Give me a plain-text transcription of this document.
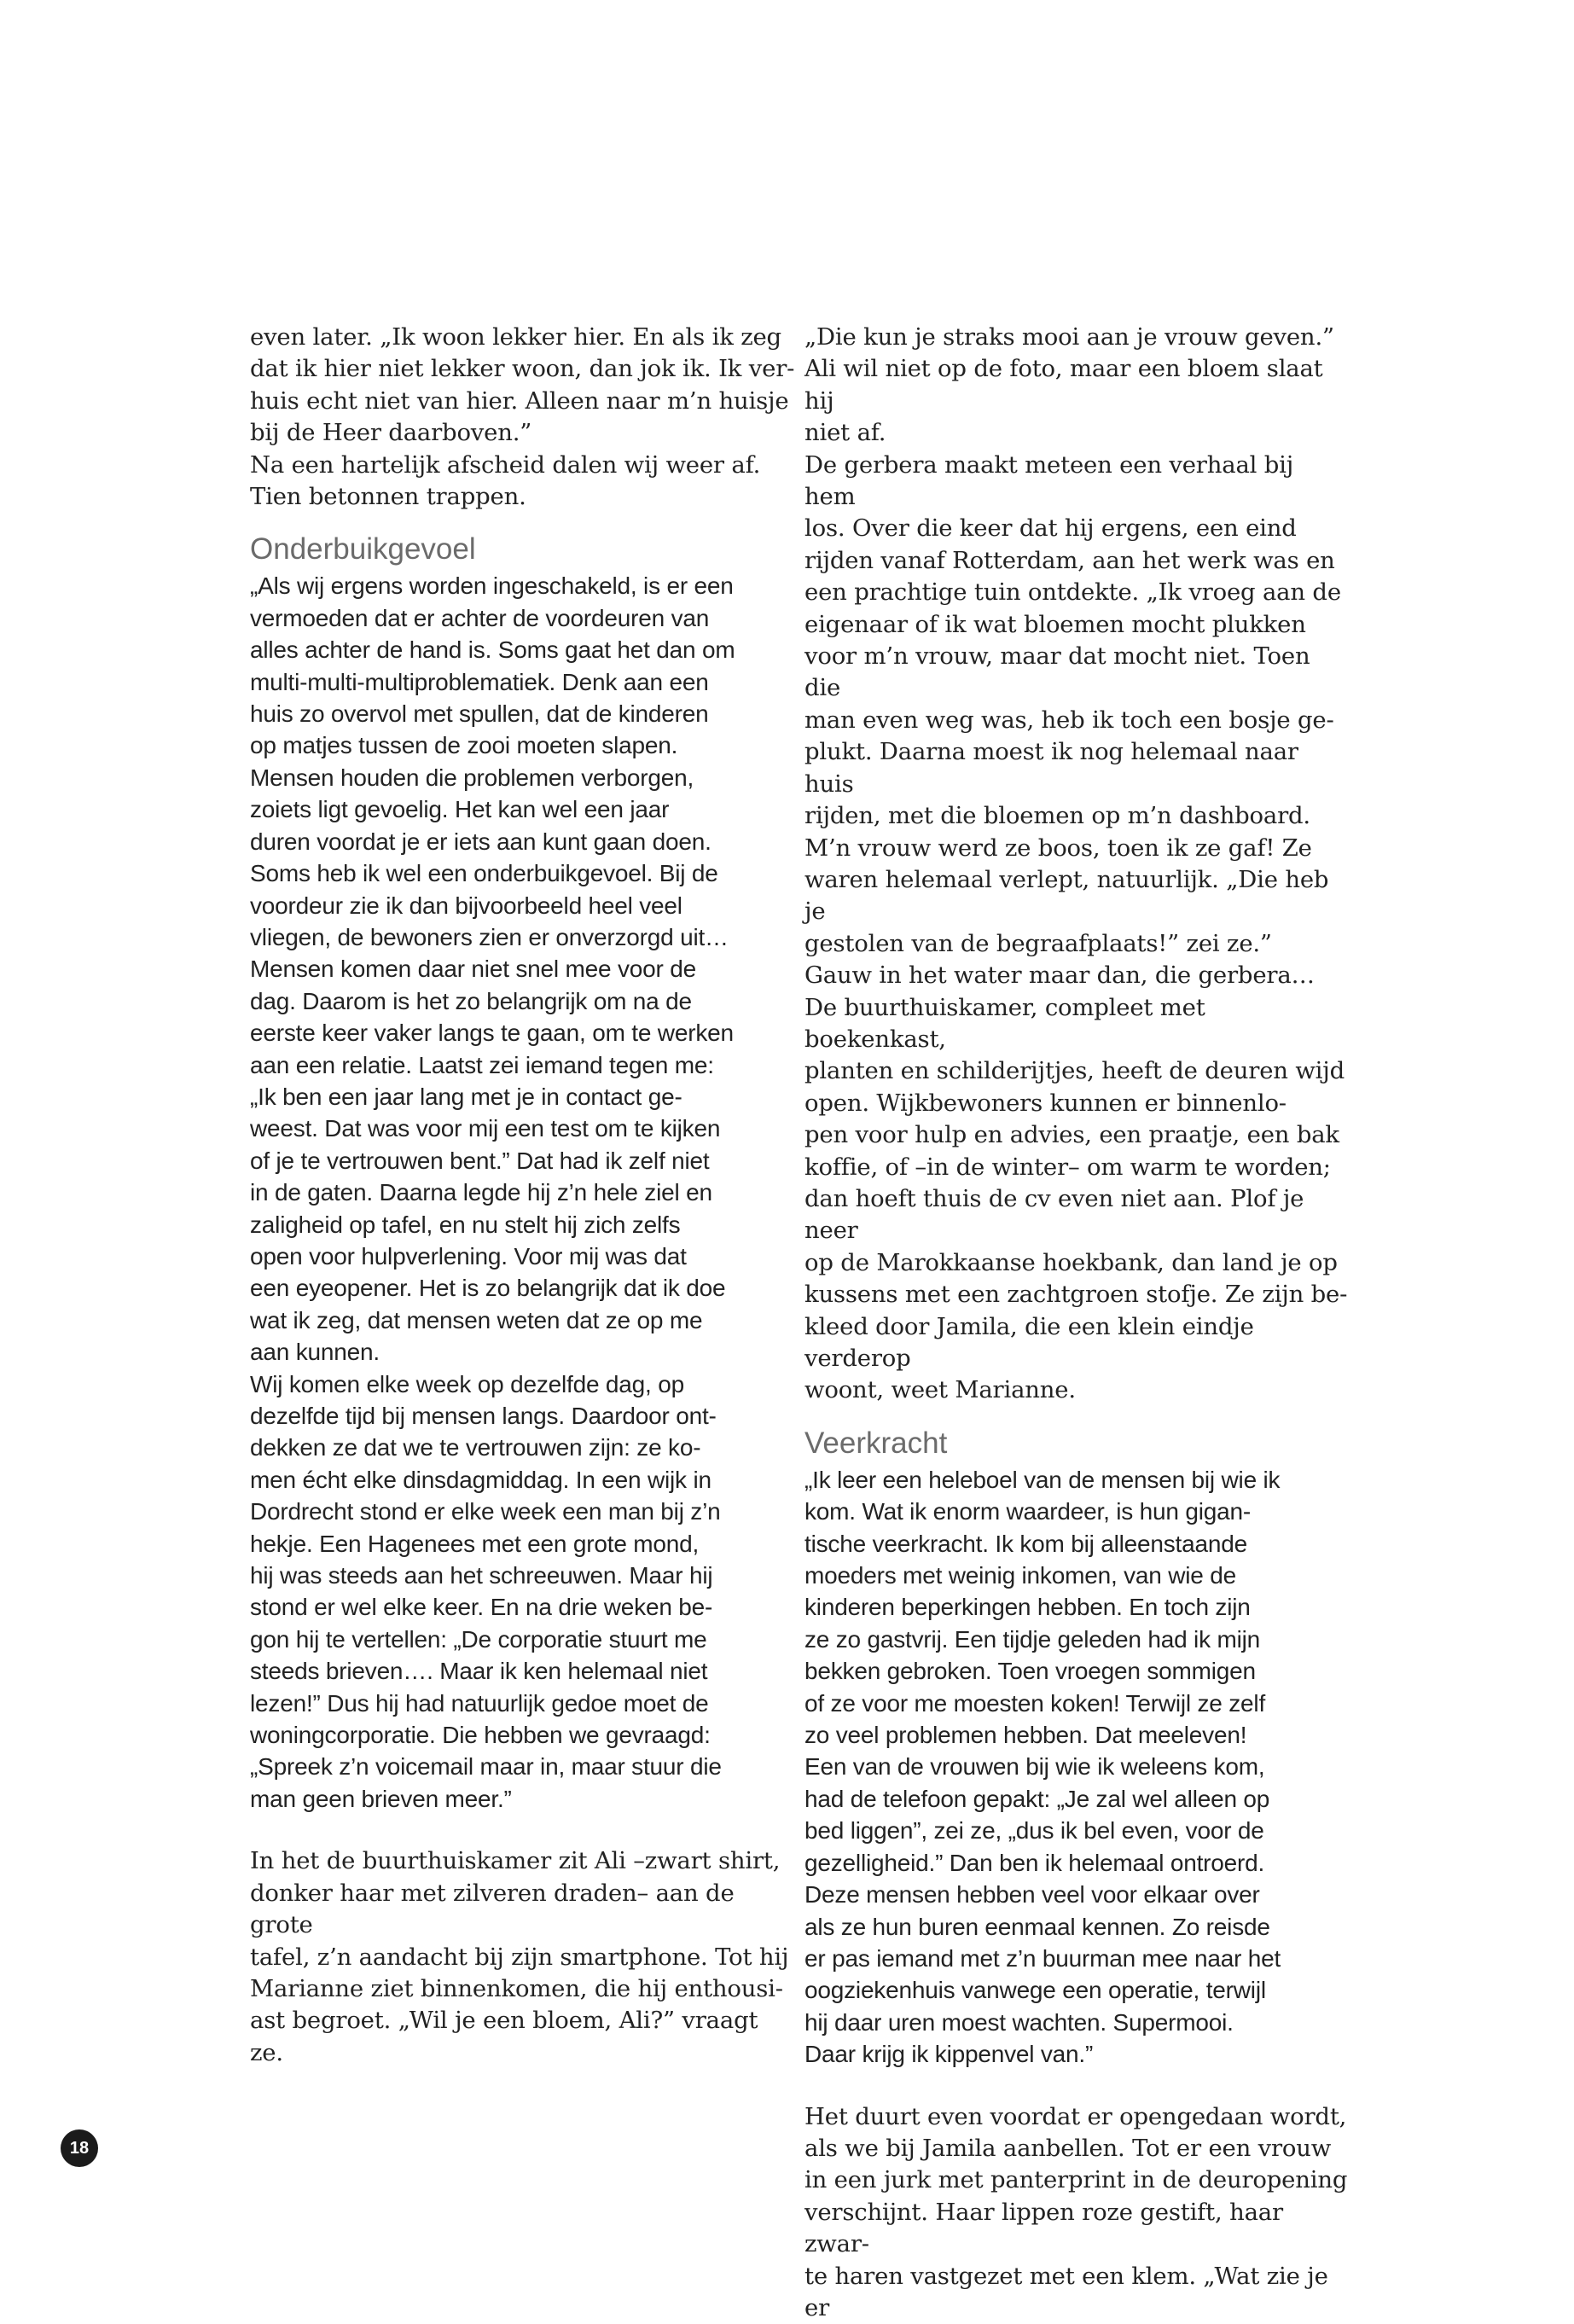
even later. „Ik woon lekker hier. En als ik zeg
dat ik hier niet lekker woon, dan jok ik. Ik ver-
huis echt niet van hier. Alleen naar m’n huisje
bij de Heer daarboven.”
Na een hartelijk afscheid dalen wij weer af.
Tien betonnen trappen.

Onderbuikgevoel

„Als wij ergens worden ingeschakeld, is er een
vermoeden dat er achter de voordeuren van
alles achter de hand is. Soms gaat het dan om
multi-multi-multiproblematiek. Denk aan een
huis zo overvol met spullen, dat de kinderen
op matjes tussen de zooi moeten slapen.
Mensen houden die problemen verborgen,
zoiets ligt gevoelig. Het kan wel een jaar
duren voordat je er iets aan kunt gaan doen.
Soms heb ik wel een onderbuikgevoel. Bij de
voordeur zie ik dan bijvoorbeeld heel veel
vliegen, de bewoners zien er onverzorgd uit…
Mensen komen daar niet snel mee voor de
dag. Daarom is het zo belangrijk om na de
eerste keer vaker langs te gaan, om te werken
aan een relatie. Laatst zei iemand tegen me:
„Ik ben een jaar lang met je in contact ge-
weest. Dat was voor mij een test om te kijken
of je te vertrouwen bent.” Dat had ik zelf niet
in de gaten. Daarna legde hij z’n hele ziel en
zaligheid op tafel, en nu stelt hij zich zelfs
open voor hulpverlening. Voor mij was dat
een eyeopener. Het is zo belangrijk dat ik doe
wat ik zeg, dat mensen weten dat ze op me
aan kunnen.
Wij komen elke week op dezelfde dag, op
dezelfde tijd bij mensen langs. Daardoor ont-
dekken ze dat we te vertrouwen zijn: ze ko-
men écht elke dinsdagmiddag. In een wijk in
Dordrecht stond er elke week een man bij z’n
hekje. Een Hagenees met een grote mond,
hij was steeds aan het schreeuwen. Maar hij
stond er wel elke keer. En na drie weken be-
gon hij te vertellen: „De corporatie stuurt me
steeds brieven…. Maar ik ken helemaal niet
lezen!” Dus hij had natuurlijk gedoe moet de
woningcorporatie. Die hebben we gevraagd:
„Spreek z’n voicemail maar in, maar stuur die
man geen brieven meer.”

In het de buurthuiskamer zit Ali –zwart shirt,
donker haar met zilveren draden– aan de grote
tafel, z’n aandacht bij zijn smartphone. Tot hij
Marianne ziet binnenkomen, die hij enthousi-
ast begroet. „Wil je een bloem, Ali?” vraagt ze.

„Die kun je straks mooi aan je vrouw geven.”
Ali wil niet op de foto, maar een bloem slaat hij
niet af.
De gerbera maakt meteen een verhaal bij hem
los. Over die keer dat hij ergens, een eind
rijden vanaf Rotterdam, aan het werk was en
een prachtige tuin ontdekte. „Ik vroeg aan de
eigenaar of ik wat bloemen mocht plukken
voor m’n vrouw, maar dat mocht niet. Toen die
man even weg was, heb ik toch een bosje ge-
plukt. Daarna moest ik nog helemaal naar huis
rijden, met die bloemen op m’n dashboard.
M’n vrouw werd ze boos, toen ik ze gaf! Ze
waren helemaal verlept, natuurlijk. „Die heb je
gestolen van de begraafplaats!” zei ze.”
Gauw in het water maar dan, die gerbera…
De buurthuiskamer, compleet met boekenkast,
planten en schilderijtjes, heeft de deuren wijd
open. Wijkbewoners kunnen er binnenlo-
pen voor hulp en advies, een praatje, een bak
koffie, of –in de winter– om warm te worden;
dan hoeft thuis de cv even niet aan. Plof je neer
op de Marokkaanse hoekbank, dan land je op
kussens met een zachtgroen stofje. Ze zijn be-
kleed door Jamila, die een klein eindje verderop
woont, weet Marianne.

Veerkracht

„Ik leer een heleboel van de mensen bij wie ik
kom. Wat ik enorm waardeer, is hun gigan-
tische veerkracht. Ik kom bij alleenstaande
moeders met weinig inkomen, van wie de
kinderen beperkingen hebben. En toch zijn
ze zo gastvrij. Een tijdje geleden had ik mijn
bekken gebroken. Toen vroegen sommigen
of ze voor me moesten koken! Terwijl ze zelf
zo veel problemen hebben. Dat meeleven!
Een van de vrouwen bij wie ik weleens kom,
had de telefoon gepakt: „Je zal wel alleen op
bed liggen”, zei ze, „dus ik bel even, voor de
gezelligheid.” Dan ben ik helemaal ontroerd.
Deze mensen hebben veel voor elkaar over
als ze hun buren eenmaal kennen. Zo reisde
er pas iemand met z’n buurman mee naar het
oogziekenhuis vanwege een operatie, terwijl
hij daar uren moest wachten. Supermooi.
Daar krijg ik kippenvel van.”

Het duurt even voordat er opengedaan wordt,
als we bij Jamila aanbellen. Tot er een vrouw
in een jurk met panterprint in de deuropening
verschijnt. Haar lippen roze gestift, haar zwar-
te haren vastgezet met een klem. „Wat zie je er

18
